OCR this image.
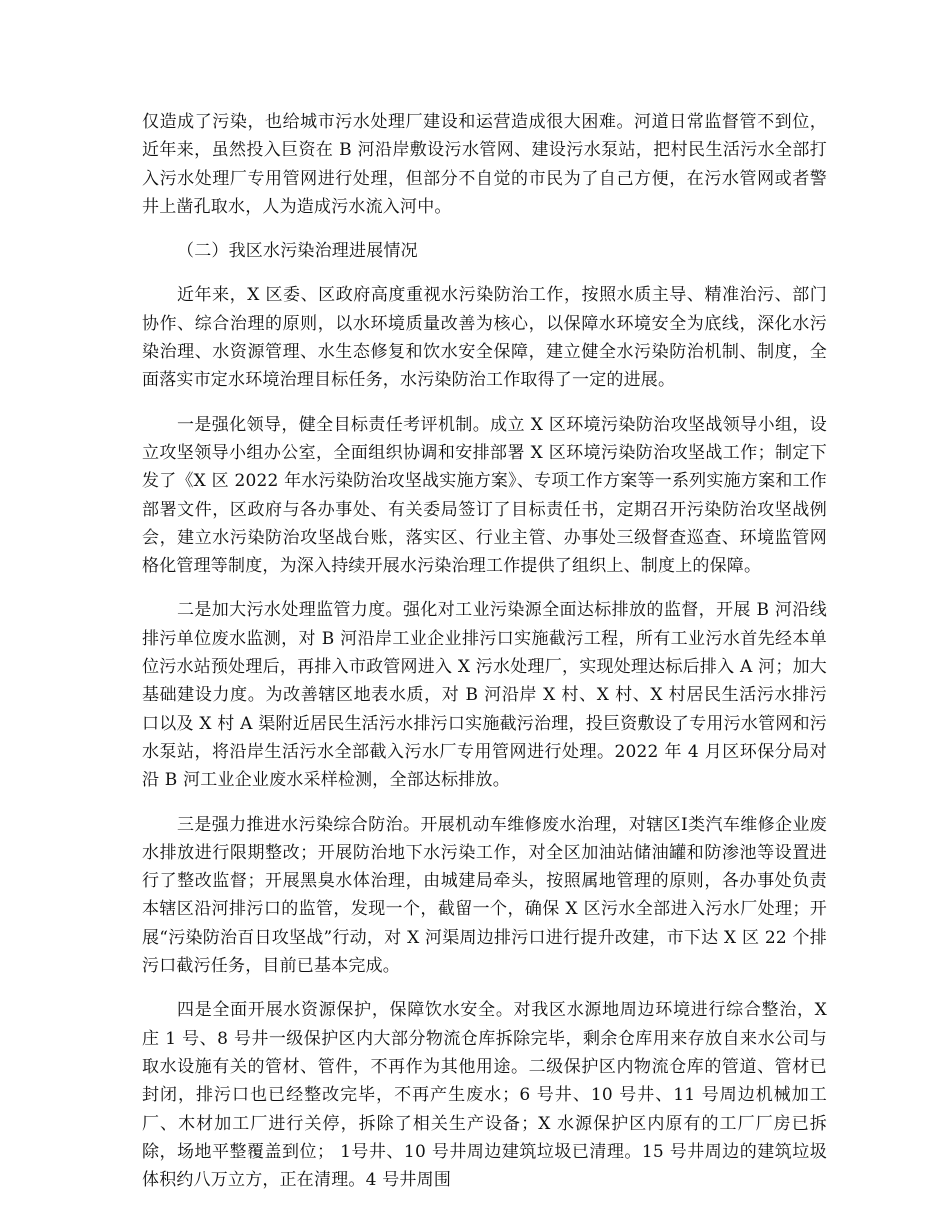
仅造成了污染，也给城市污水处理厂建设和运营造成很大困难。河道日常监督管不到位，近年来，虽然投入巨资在 B 河沿岸敷设污水管网、建设污水泵站，把村民生活污水全部打入污水处理厂专用管网进行处理，但部分不自觉的市民为了自己方便，在污水管网或者警井上凿孔取水，人为造成污水流入河中。

（二）我区水污染治理进展情况

近年来，X 区委、区政府高度重视水污染防治工作，按照水质主导、精准治污、部门协作、综合治理的原则，以水环境质量改善为核心，以保障水环境安全为底线，深化水污染治理、水资源管理、水生态修复和饮水安全保障，建立健全水污染防治机制、制度，全面落实市定水环境治理目标任务，水污染防治工作取得了一定的进展。

一是强化领导，健全目标责任考评机制。成立 X 区环境污染防治攻坚战领导小组，设立攻坚领导小组办公室，全面组织协调和安排部署 X 区环境污染防治攻坚战工作；制定下发了《X 区 2022 年水污染防治攻坚战实施方案》、专项工作方案等一系列实施方案和工作部署文件，区政府与各办事处、有关委局签订了目标责任书，定期召开污染防治攻坚战例会，建立水污染防治攻坚战台账，落实区、行业主管、办事处三级督查巡查、环境监管网格化管理等制度，为深入持续开展水污染治理工作提供了组织上、制度上的保障。

二是加大污水处理监管力度。强化对工业污染源全面达标排放的监督，开展 B 河沿线排污单位废水监测，对 B 河沿岸工业企业排污口实施截污工程，所有工业污水首先经本单位污水站预处理后，再排入市政管网进入 X 污水处理厂，实现处理达标后排入 A 河；加大基础建设力度。为改善辖区地表水质，对 B 河沿岸 X 村、X 村、X 村居民生活污水排污口以及 X 村 A 渠附近居民生活污水排污口实施截污治理，投巨资敷设了专用污水管网和污水泵站，将沿岸生活污水全部截入污水厂专用管网进行处理。2022 年 4 月区环保分局对沿 B 河工业企业废水采样检测，全部达标排放。

三是强力推进水污染综合防治。开展机动车维修废水治理，对辖区Ⅰ类汽车维修企业废水排放进行限期整改；开展防治地下水污染工作，对全区加油站储油罐和防渗池等设置进行了整改监督；开展黑臭水体治理，由城建局牵头，按照属地管理的原则，各办事处负责本辖区沿河排污口的监管，发现一个，截留一个，确保 X 区污水全部进入污水厂处理；开展“污染防治百日攻坚战”行动，对 X 河渠周边排污口进行提升改建，市下达 X 区 22 个排污口截污任务，目前已基本完成。

四是全面开展水资源保护，保障饮水安全。对我区水源地周边环境进行综合整治，X 庄 1 号、8 号井一级保护区内大部分物流仓库拆除完毕，剩余仓库用来存放自来水公司与取水设施有关的管材、管件，不再作为其他用途。二级保护区内物流仓库的管道、管材已封闭，排污口也已经整改完毕，不再产生废水；6 号井、10 号井、11 号周边机械加工厂、木材加工厂进行关停，拆除了相关生产设备；X 水源保护区内原有的工厂厂房已拆除，场地平整覆盖到位； 1号井、10 号井周边建筑垃圾已清理。15 号井周边的建筑垃圾体积约八万立方，正在清理。4 号井周围
